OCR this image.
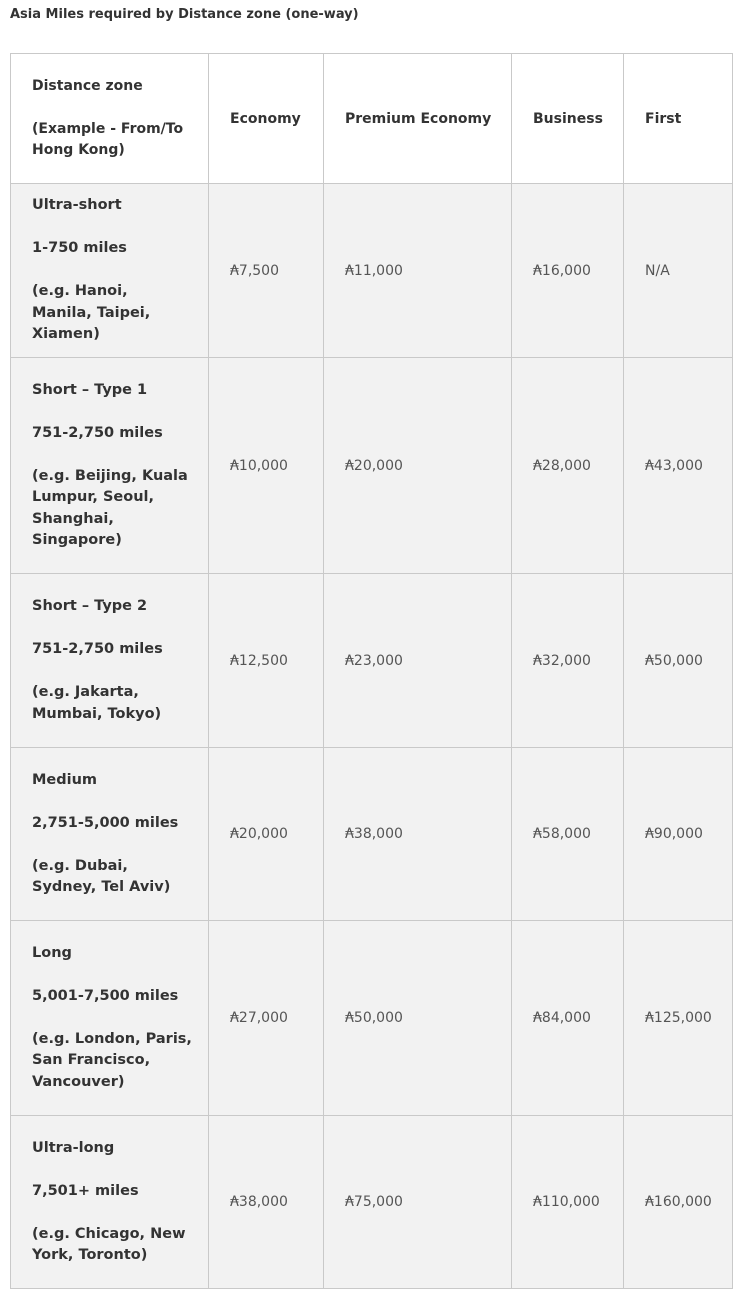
Asia Miles required by Distance zone (one-way)
Distance zone
(Example - From/To Hong Kong)	Economy	Premium Economy	Business	First

Ultra-short
1-750 miles
(e.g. Hanoi, Manila, Taipei, Xiamen)	₳7,500	₳11,000	₳16,000	N/A

Short – Type 1
751-2,750 miles
(e.g. Beijing, Kuala Lumpur, Seoul, Shanghai, Singapore)	₳10,000	₳20,000	₳28,000	₳43,000

Short – Type 2
751-2,750 miles
(e.g. Jakarta, Mumbai, Tokyo)	₳12,500	₳23,000	₳32,000	₳50,000

Medium
2,751-5,000 miles
(e.g. Dubai, Sydney, Tel Aviv)	₳20,000	₳38,000	₳58,000	₳90,000

Long
5,001-7,500 miles
(e.g. London, Paris, San Francisco, Vancouver)	₳27,000	₳50,000	₳84,000	₳125,000

Ultra-long
7,501+ miles
(e.g. Chicago, New York, Toronto)	₳38,000	₳75,000	₳110,000	₳160,000
